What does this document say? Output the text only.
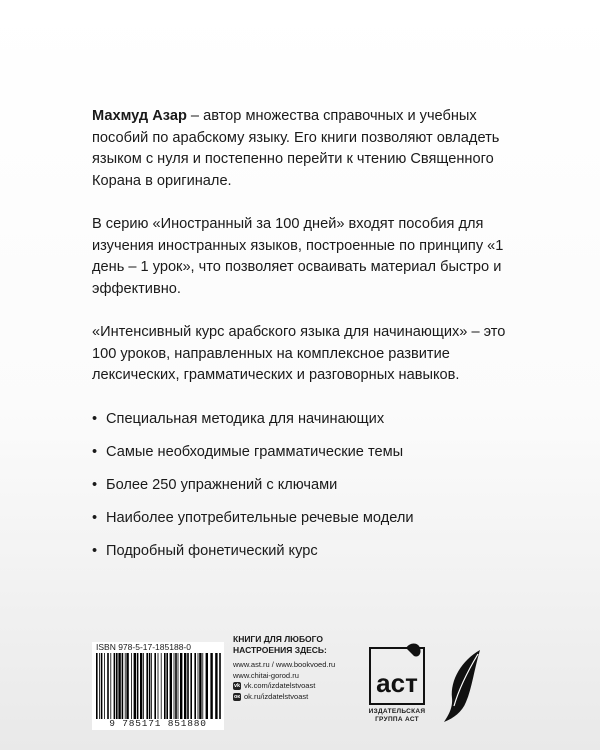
Махмуд Азар – автор множества справочных и учебных пособий по арабскому языку. Его книги позволяют овладеть языком с нуля и постепенно перейти к чтению Священного Корана в оригинале.

В серию «Иностранный за 100 дней» входят пособия для изучения иностранных языков, построенные по принципу «1 день – 1 урок», что позволяет осваивать материал быстро и эффективно.

«Интенсивный курс арабского языка для начинающих» – это 100 уроков, направленных на комплексное развитие лексических, грамматических и разговорных навыков.

• Специальная методика для начинающих
• Самые необходимые грамматические темы
• Более 250 упражнений с ключами
• Наиболее употребительные речевые модели
• Подробный фонетический курс
ISBN 978-5-17-185188-0
9 785171 851880

КНИГИ ДЛЯ ЛЮБОГО
НАСТРОЕНИЯ ЗДЕСЬ:

www.ast.ru / www.bookvoed.ru
www.chitai-gorod.ru
vk vk.com/izdatelstvoast
ок ok.ru/izdatelstvoast	аст
ИЗДАТЕЛЬСКАЯ
ГРУППА АСТ
